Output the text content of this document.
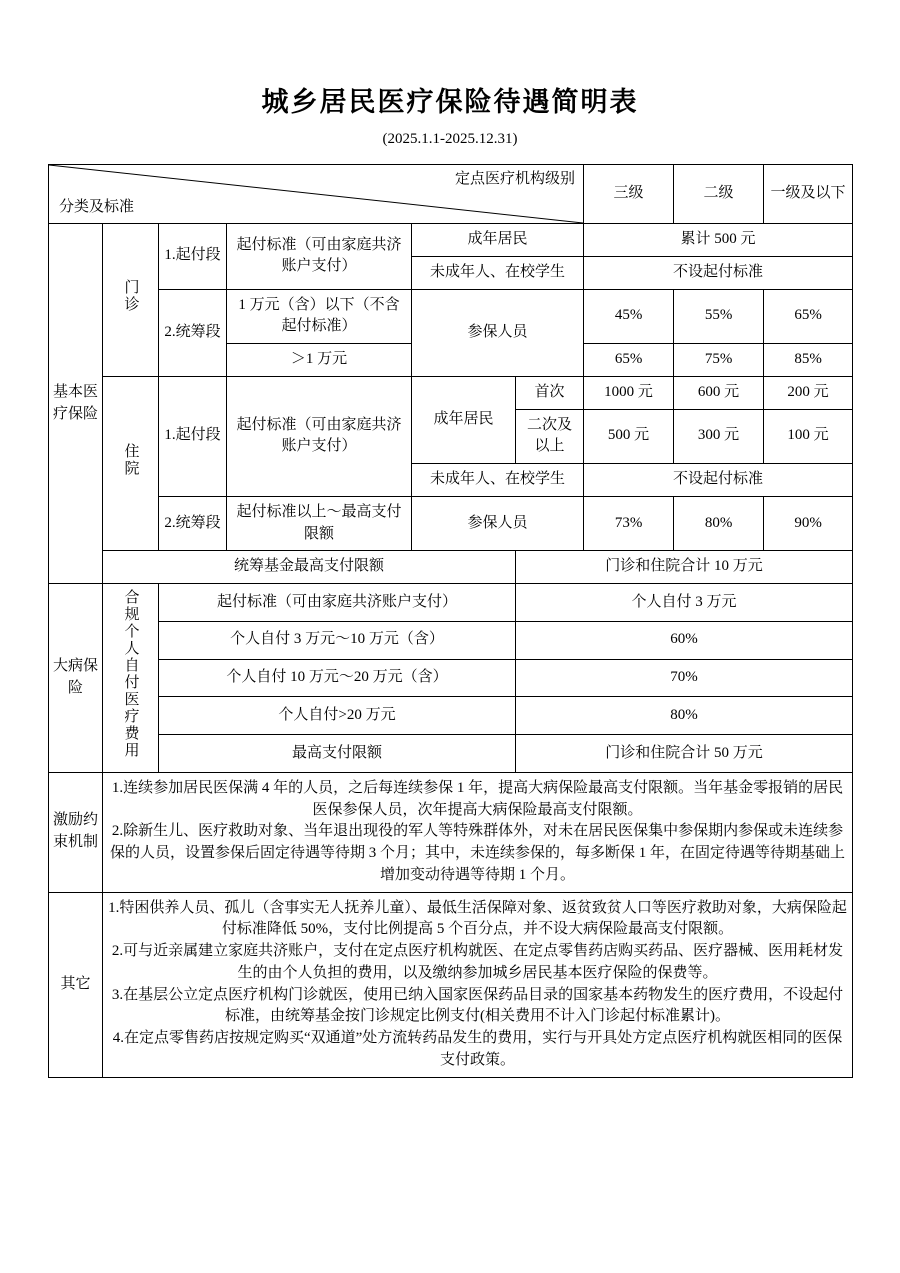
城乡居民医疗保险待遇简明表
(2025.1.1-2025.12.31)
定点医疗机构级别
分类及标准						三级	二级	一级及以下
基本医疗保险	门诊	1.起付段	起付标准（可由家庭共济账户支付）	成年居民		累计 500 元		
				未成年人、在校学生		不设起付标准		
		2.统筹段	1 万元（含）以下（不含起付标准）	参保人员		45%	55%	65%
			＞1 万元			65%	75%	85%
	住院	1.起付段	起付标准（可由家庭共济账户支付）	成年居民	首次	1000 元	600 元	200 元
					二次及以上	500 元	300 元	100 元
				未成年人、在校学生		不设起付标准		
		2.统筹段	起付标准以上～最高支付限额	参保人员		73%	80%	90%
	统筹基金最高支付限额				门诊和住院合计 10 万元			
大病保险	合规个人自付医疗费用	起付标准（可由家庭共济账户支付）			个人自付 3 万元			
		个人自付 3 万元～10 万元（含）			60%			
		个人自付 10 万元～20 万元（含）			70%			
		个人自付>20 万元			80%			
		最高支付限额			门诊和住院合计 50 万元			
激励约束机制	1.连续参加居民医保满 4 年的人员，之后每连续参保 1 年，提高大病保险最高支付限额。当年基金零报销的居民医保参保人员，次年提高大病保险最高支付限额。

2.除新生儿、医疗救助对象、当年退出现役的军人等特殊群体外，对未在居民医保集中参保期内参保或未连续参保的人员，设置参保后固定待遇等待期 3 个月；其中，未连续参保的，每多断保 1 年，在固定待遇等待期基础上增加变动待遇等待期 1 个月。							

其它	1.特困供养人员、孤儿（含事实无人抚养儿童）、最低生活保障对象、返贫致贫人口等医疗救助对象，大病保险起付标准降低 50%，支付比例提高 5 个百分点，并不设大病保险最高支付限额。

2.可与近亲属建立家庭共济账户，支付在定点医疗机构就医、在定点零售药店购买药品、医疗器械、医用耗材发生的由个人负担的费用，以及缴纳参加城乡居民基本医疗保险的保费等。

3.在基层公立定点医疗机构门诊就医，使用已纳入国家医保药品目录的国家基本药物发生的医疗费用，不设起付标准，由统筹基金按门诊规定比例支付(相关费用不计入门诊起付标准累计)。

4.在定点零售药店按规定购买“双通道”处方流转药品发生的费用，实行与开具处方定点医疗机构就医相同的医保支付政策。							
